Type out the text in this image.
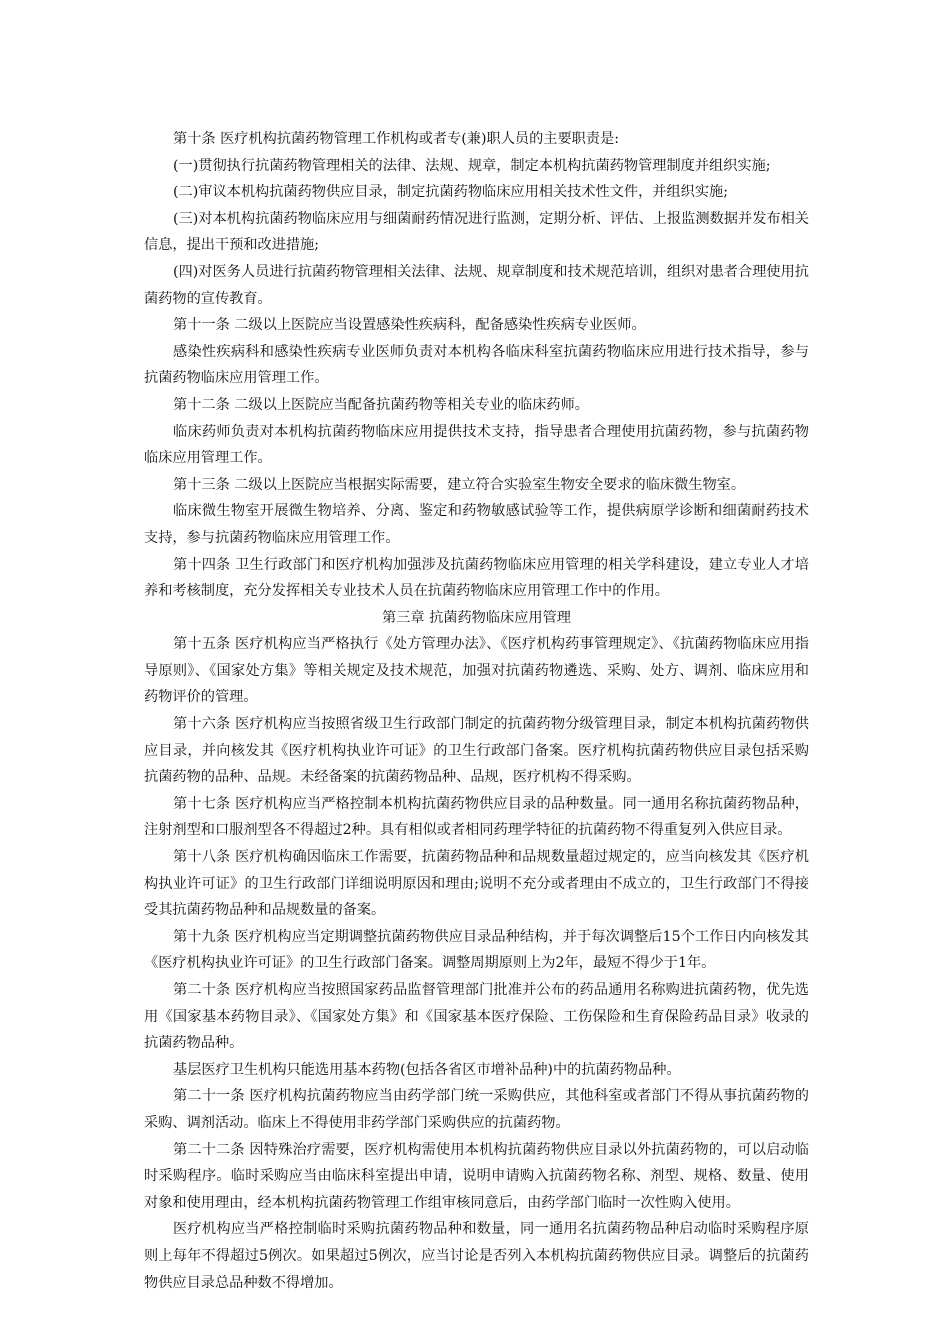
第十条 医疗机构抗菌药物管理工作机构或者专(兼)职人员的主要职责是:

(一)贯彻执行抗菌药物管理相关的法律、法规、规章，制定本机构抗菌药物管理制度并组织实施;

(二)审议本机构抗菌药物供应目录，制定抗菌药物临床应用相关技术性文件，并组织实施;

(三)对本机构抗菌药物临床应用与细菌耐药情况进行监测，定期分析、评估、上报监测数据并发布相关信息，提出干预和改进措施;

(四)对医务人员进行抗菌药物管理相关法律、法规、规章制度和技术规范培训，组织对患者合理使用抗菌药物的宣传教育。

第十一条 二级以上医院应当设置感染性疾病科，配备感染性疾病专业医师。

感染性疾病科和感染性疾病专业医师负责对本机构各临床科室抗菌药物临床应用进行技术指导，参与抗菌药物临床应用管理工作。

第十二条 二级以上医院应当配备抗菌药物等相关专业的临床药师。

临床药师负责对本机构抗菌药物临床应用提供技术支持，指导患者合理使用抗菌药物，参与抗菌药物临床应用管理工作。

第十三条 二级以上医院应当根据实际需要，建立符合实验室生物安全要求的临床微生物室。

临床微生物室开展微生物培养、分离、鉴定和药物敏感试验等工作，提供病原学诊断和细菌耐药技术支持，参与抗菌药物临床应用管理工作。

第十四条 卫生行政部门和医疗机构加强涉及抗菌药物临床应用管理的相关学科建设，建立专业人才培养和考核制度，充分发挥相关专业技术人员在抗菌药物临床应用管理工作中的作用。

第三章 抗菌药物临床应用管理

第十五条 医疗机构应当严格执行《处方管理办法》、《医疗机构药事管理规定》、《抗菌药物临床应用指导原则》、《国家处方集》等相关规定及技术规范，加强对抗菌药物遴选、采购、处方、调剂、临床应用和药物评价的管理。

第十六条 医疗机构应当按照省级卫生行政部门制定的抗菌药物分级管理目录，制定本机构抗菌药物供应目录，并向核发其《医疗机构执业许可证》的卫生行政部门备案。医疗机构抗菌药物供应目录包括采购抗菌药物的品种、品规。未经备案的抗菌药物品种、品规，医疗机构不得采购。

第十七条 医疗机构应当严格控制本机构抗菌药物供应目录的品种数量。同一通用名称抗菌药物品种，注射剂型和口服剂型各不得超过2种。具有相似或者相同药理学特征的抗菌药物不得重复列入供应目录。

第十八条 医疗机构确因临床工作需要，抗菌药物品种和品规数量超过规定的，应当向核发其《医疗机构执业许可证》的卫生行政部门详细说明原因和理由;说明不充分或者理由不成立的，卫生行政部门不得接受其抗菌药物品种和品规数量的备案。

第十九条 医疗机构应当定期调整抗菌药物供应目录品种结构，并于每次调整后15个工作日内向核发其《医疗机构执业许可证》的卫生行政部门备案。调整周期原则上为2年，最短不得少于1年。

第二十条 医疗机构应当按照国家药品监督管理部门批准并公布的药品通用名称购进抗菌药物，优先选用《国家基本药物目录》、《国家处方集》和《国家基本医疗保险、工伤保险和生育保险药品目录》收录的抗菌药物品种。

基层医疗卫生机构只能选用基本药物(包括各省区市增补品种)中的抗菌药物品种。

第二十一条 医疗机构抗菌药物应当由药学部门统一采购供应，其他科室或者部门不得从事抗菌药物的采购、调剂活动。临床上不得使用非药学部门采购供应的抗菌药物。

第二十二条 因特殊治疗需要，医疗机构需使用本机构抗菌药物供应目录以外抗菌药物的，可以启动临时采购程序。临时采购应当由临床科室提出申请，说明申请购入抗菌药物名称、剂型、规格、数量、使用对象和使用理由，经本机构抗菌药物管理工作组审核同意后，由药学部门临时一次性购入使用。

医疗机构应当严格控制临时采购抗菌药物品种和数量，同一通用名抗菌药物品种启动临时采购程序原则上每年不得超过5例次。如果超过5例次，应当讨论是否列入本机构抗菌药物供应目录。调整后的抗菌药物供应目录总品种数不得增加。
